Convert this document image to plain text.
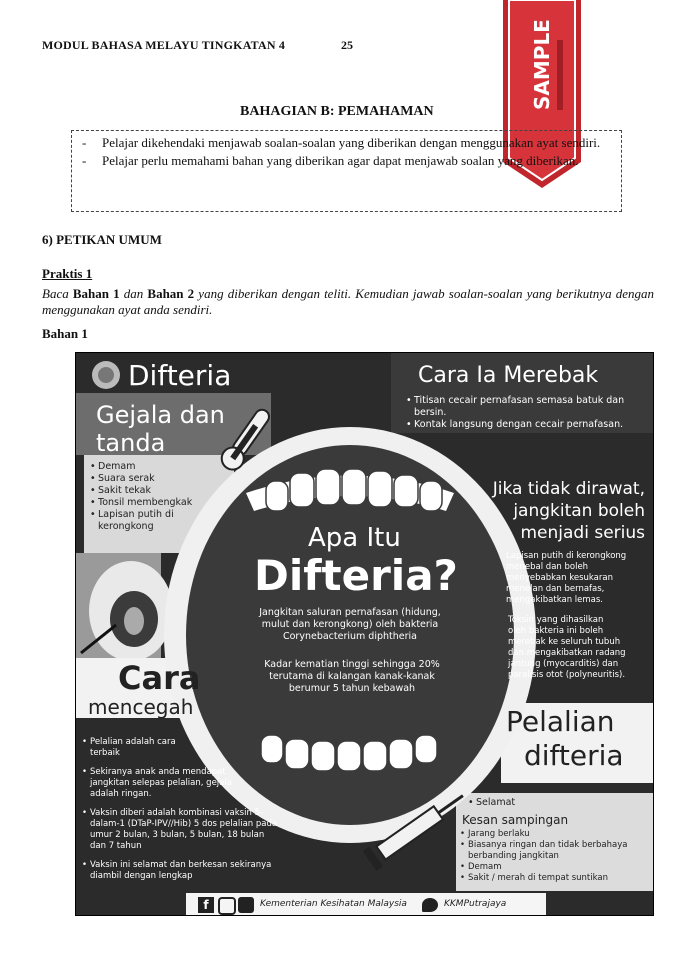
MODUL BAHASA MELAYU TINGKATAN 4	25	SAMPLE
BAHAGIAN B: PEMAHAMAN
- Pelajar dikehendaki menjawab soalan-soalan yang diberikan dengan menggunakan ayat sendiri.
- Pelajar perlu memahami bahan yang diberikan agar dapat menjawab soalan yang diberikan.
6) PETIKAN UMUM
Praktis 1
Baca Bahan 1 dan Bahan 2 yang diberikan dengan teliti. Kemudian jawab soalan-soalan yang berikutnya dengan menggunakan ayat anda sendiri.
Bahan 1
Difteria
Gejala dan
tanda
• Demam
• Suara serak
• Sakit tekak
• Tonsil membengkak
• Lapisan putih di kerongkong
Cara Ia Merebak
• Titisan cecair pernafasan semasa batuk dan bersin.
• Kontak langsung dengan cecair pernafasan.
Jika tidak dirawat,
jangkitan boleh
menjadi serius
Lapisan putih di kerongkong
menebal dan boleh
menyebabkan kesukaran
menelan dan bernafas,
mengakibatkan lemas.
Toksin yang dihasilkan
oleh bakteria ini boleh
merebak ke seluruh tubuh
dan mengakibatkan radang
jantung (myocarditis) dan
paralisis otot (polyneuritis).
Apa Itu
Difteria?
Jangkitan saluran pernafasan (hidung,
mulut dan kerongkong) oleh bakteria
Corynebacterium diphtheria
Kadar kematian tinggi sehingga 20%
terutama di kalangan kanak-kanak
berumur 5 tahun kebawah
Cara
mencegah
• Pelalian adalah cara terbaik
• Sekiranya anak anda mendapat jangkitan selepas pelalian, gejala adalah ringan.
• Vaksin diberi adalah kombinasi vaksin 5-dalam-1 (DTaP-IPV//Hib) 5 dos pelalian pada umur 2 bulan, 3 bulan, 5 bulan, 18 bulan dan 7 tahun
• Vaksin ini selamat dan berkesan sekiranya diambil dengan lengkap
Pelalian
difteria
• Selamat
Kesan sampingan
• Jarang berlaku
• Biasanya ringan dan tidak berbahaya berbanding jangkitan
• Demam
• Sakit / merah di tempat suntikan
f	Kementerian Kesihatan Malaysia	KKMPutrajaya
